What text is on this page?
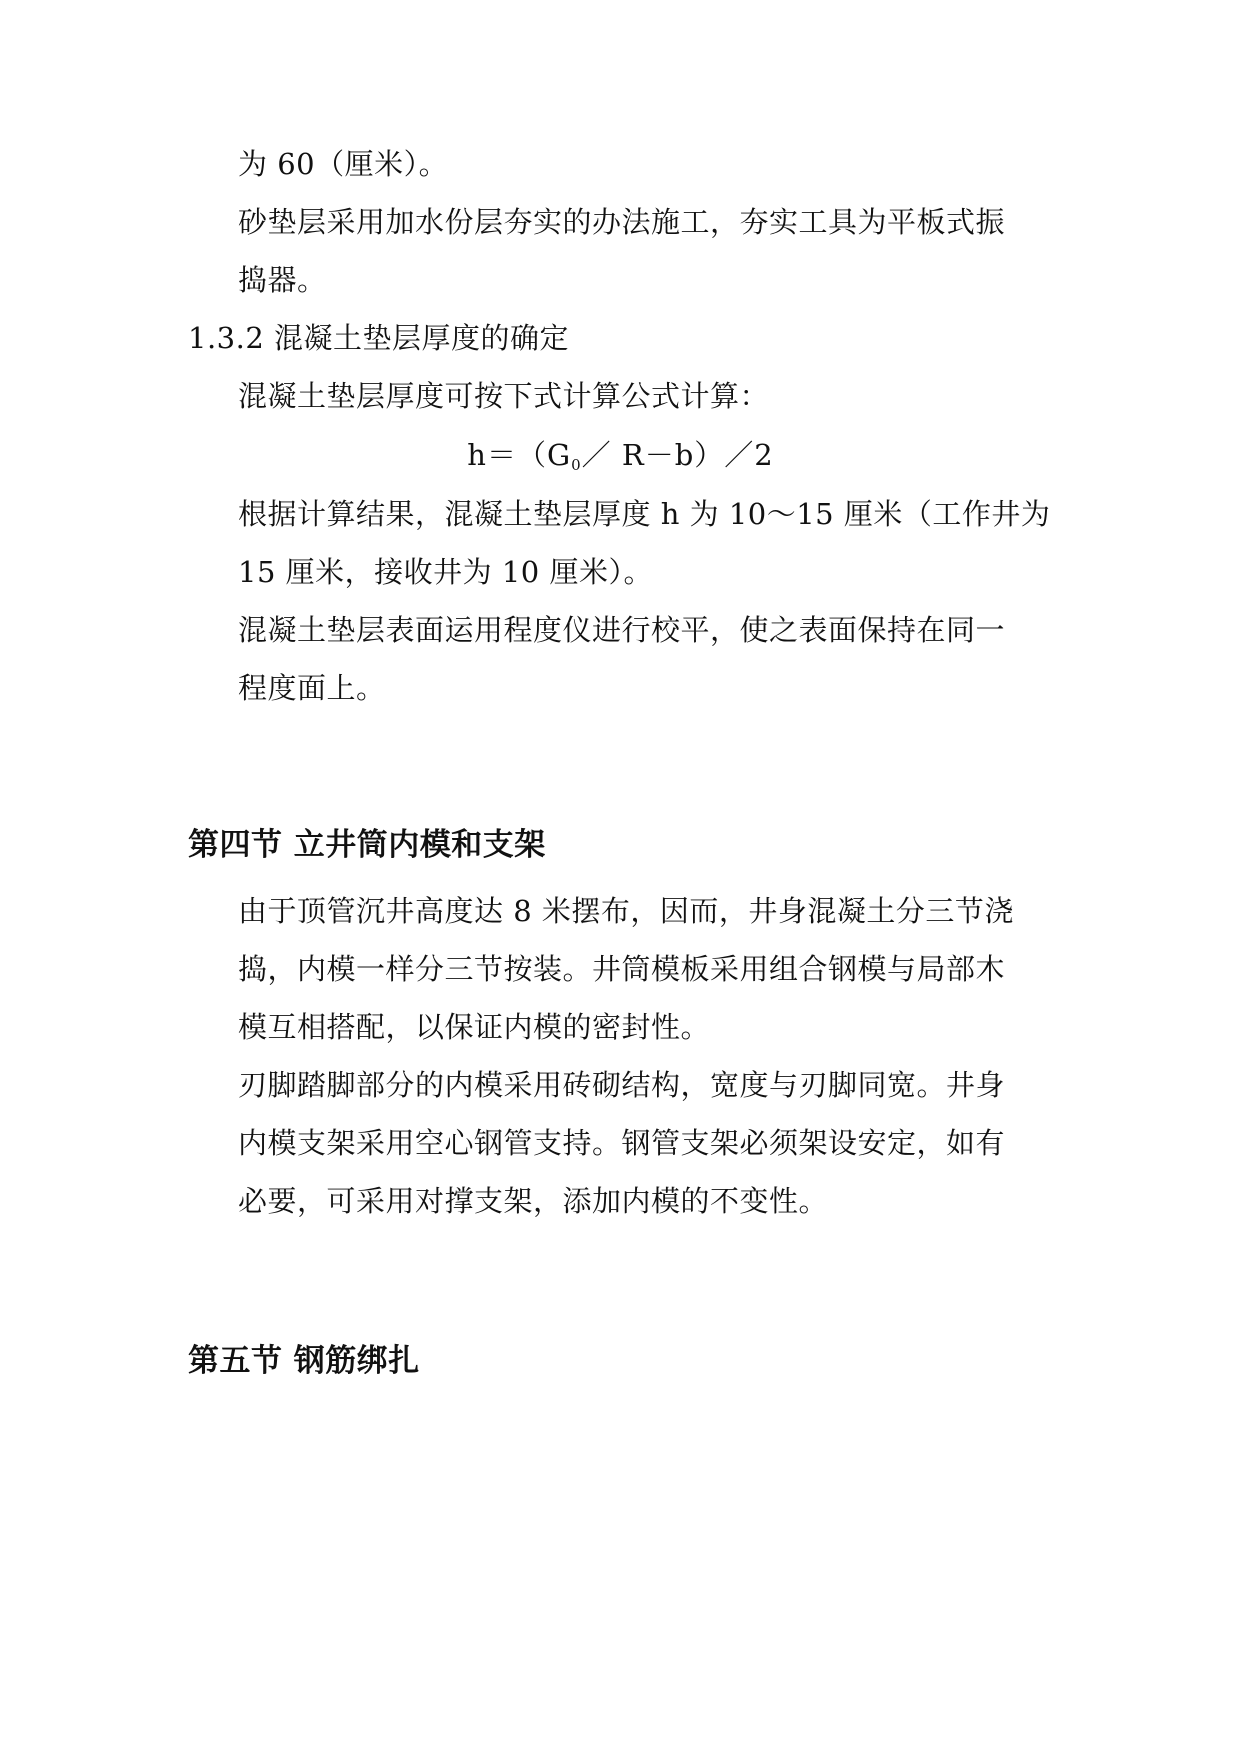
为 60（厘米）。
砂垫层采用加水份层夯实的办法施工，夯实工具为平板式振
捣器。
1.3.2 混凝土垫层厚度的确定
混凝土垫层厚度可按下式计算公式计算：
$h=(G_0/$ R－b）／2
根据计算结果，混凝土垫层厚度 h 为 10～15 厘米（工作井为
15 厘米，接收井为 10 厘米）。
混凝土垫层表面运用程度仪进行校平，使之表面保持在同一
程度面上。
第四节 立井筒内模和支架
由于顶管沉井高度达 8 米摆布，因而，井身混凝土分三节浇
捣，内模一样分三节按装。井筒模板采用组合钢模与局部木
模互相搭配，以保证内模的密封性。
刃脚踏脚部分的内模采用砖砌结构，宽度与刃脚同宽。井身
内模支架采用空心钢管支持。钢管支架必须架设安定，如有
必要，可采用对撑支架，添加内模的不变性。
第五节 钢筋绑扎
